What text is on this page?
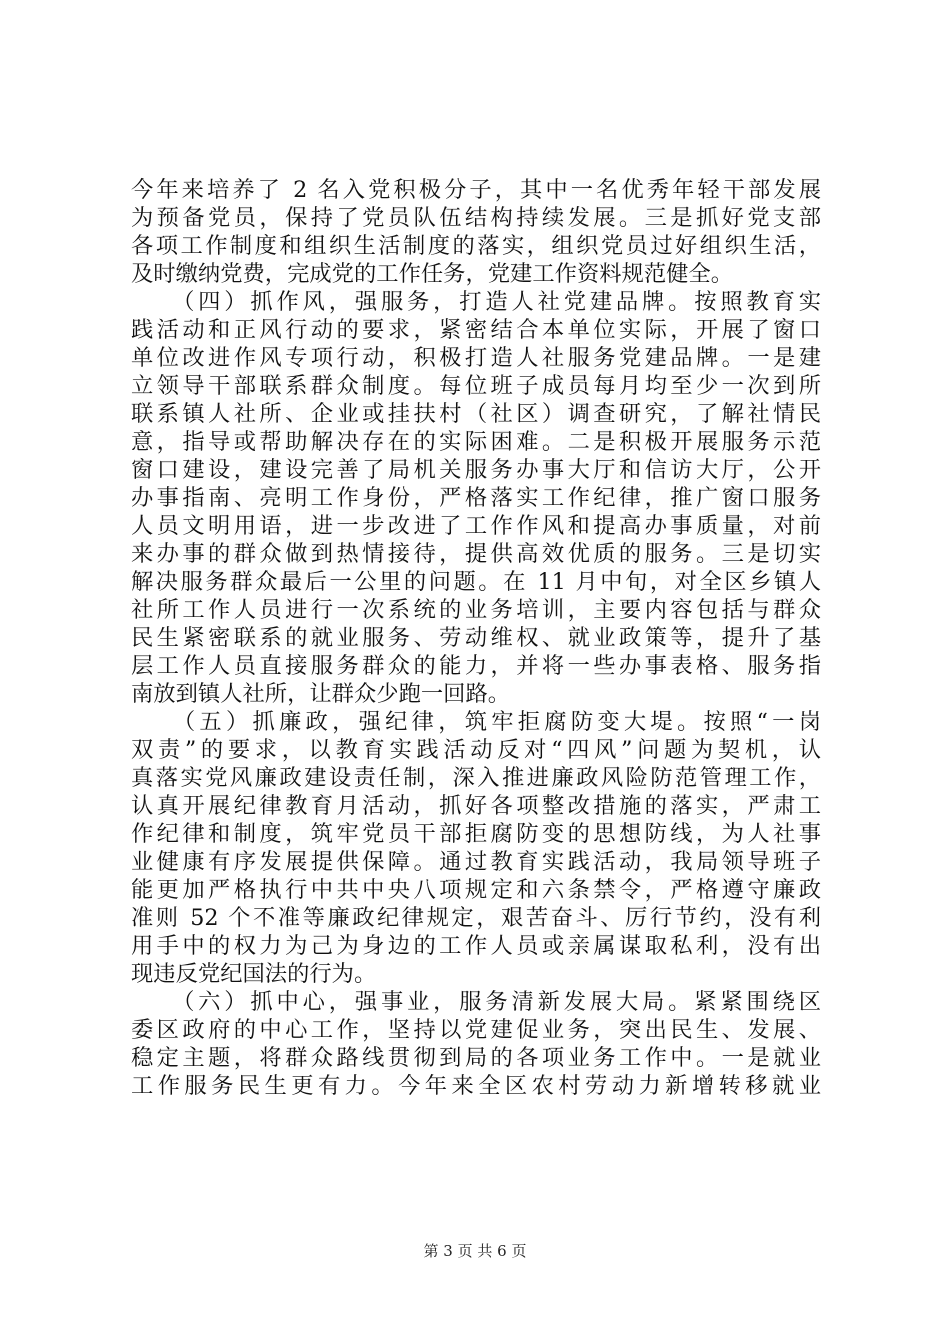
今年来培养了 2 名入党积极分子，其中一名优秀年轻干部发展
为预备党员，保持了党员队伍结构持续发展。三是抓好党支部
各项工作制度和组织生活制度的落实，组织党员过好组织生活，
及时缴纳党费，完成党的工作任务，党建工作资料规范健全。
　　（四）抓作风，强服务，打造人社党建品牌。按照教育实
践活动和正风行动的要求，紧密结合本单位实际，开展了窗口
单位改进作风专项行动，积极打造人社服务党建品牌。一是建
立领导干部联系群众制度。每位班子成员每月均至少一次到所
联系镇人社所、企业或挂扶村（社区）调查研究，了解社情民
意，指导或帮助解决存在的实际困难。二是积极开展服务示范
窗口建设，建设完善了局机关服务办事大厅和信访大厅，公开
办事指南、亮明工作身份，严格落实工作纪律，推广窗口服务
人员文明用语，进一步改进了工作作风和提高办事质量，对前
来办事的群众做到热情接待，提供高效优质的服务。三是切实
解决服务群众最后一公里的问题。在 11 月中旬，对全区乡镇人
社所工作人员进行一次系统的业务培训，主要内容包括与群众
民生紧密联系的就业服务、劳动维权、就业政策等，提升了基
层工作人员直接服务群众的能力，并将一些办事表格、服务指
南放到镇人社所，让群众少跑一回路。
　　（五）抓廉政，强纪律，筑牢拒腐防变大堤。按照“一岗
双责”的要求，以教育实践活动反对“四风”问题为契机，认
真落实党风廉政建设责任制，深入推进廉政风险防范管理工作，
认真开展纪律教育月活动，抓好各项整改措施的落实，严肃工
作纪律和制度，筑牢党员干部拒腐防变的思想防线，为人社事
业健康有序发展提供保障。通过教育实践活动，我局领导班子
能更加严格执行中共中央八项规定和六条禁令，严格遵守廉政
准则 52 个不准等廉政纪律规定，艰苦奋斗、厉行节约，没有利
用手中的权力为己为身边的工作人员或亲属谋取私利，没有出
现违反党纪国法的行为。
　　（六）抓中心，强事业，服务清新发展大局。紧紧围绕区
委区政府的中心工作，坚持以党建促业务，突出民生、发展、
稳定主题，将群众路线贯彻到局的各项业务工作中。一是就业
工作服务民生更有力。今年来全区农村劳动力新增转移就业
第 3 页 共 6 页
